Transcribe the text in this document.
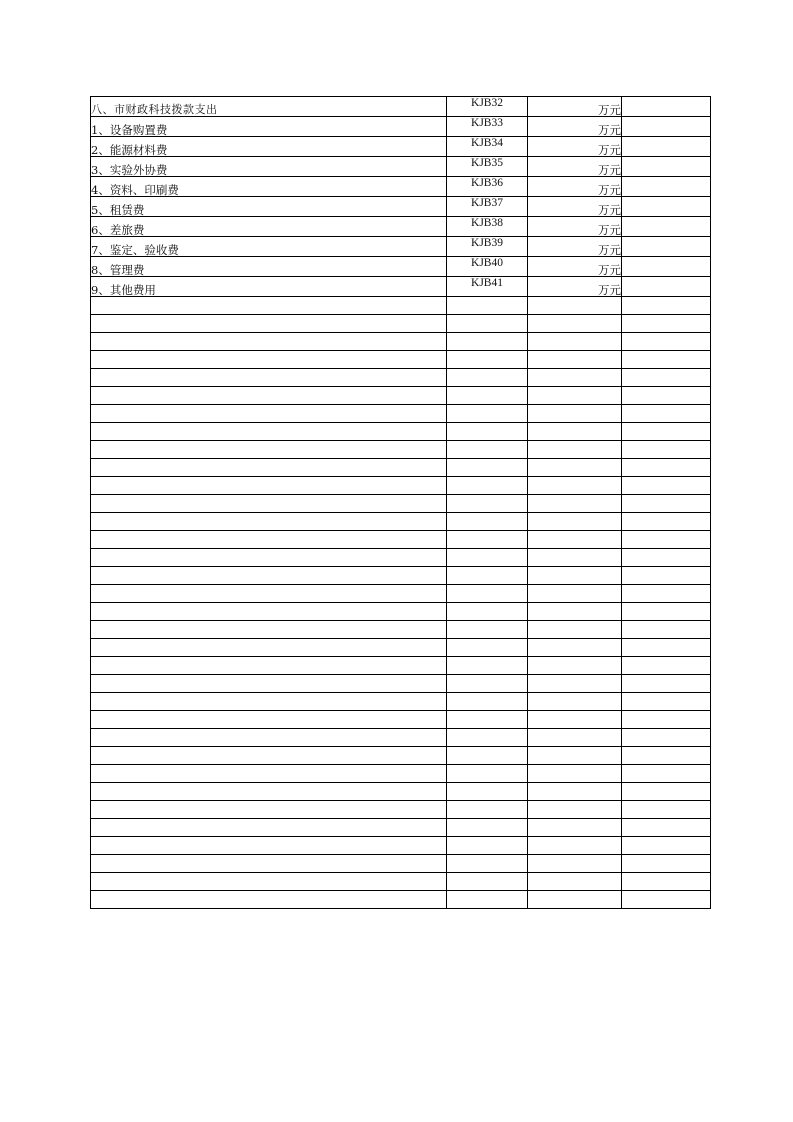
八、市财政科技拨款支出	KJB32	万元	
1、设备购置费	KJB33	万元	
2、能源材料费	KJB34	万元	
3、实验外协费	KJB35	万元	
4、资料、印刷费	KJB36	万元	
5、租赁费	KJB37	万元	
6、差旅费	KJB38	万元	
7、鉴定、验收费	KJB39	万元	
8、管理费	KJB40	万元	
9、其他费用	KJB41	万元	
